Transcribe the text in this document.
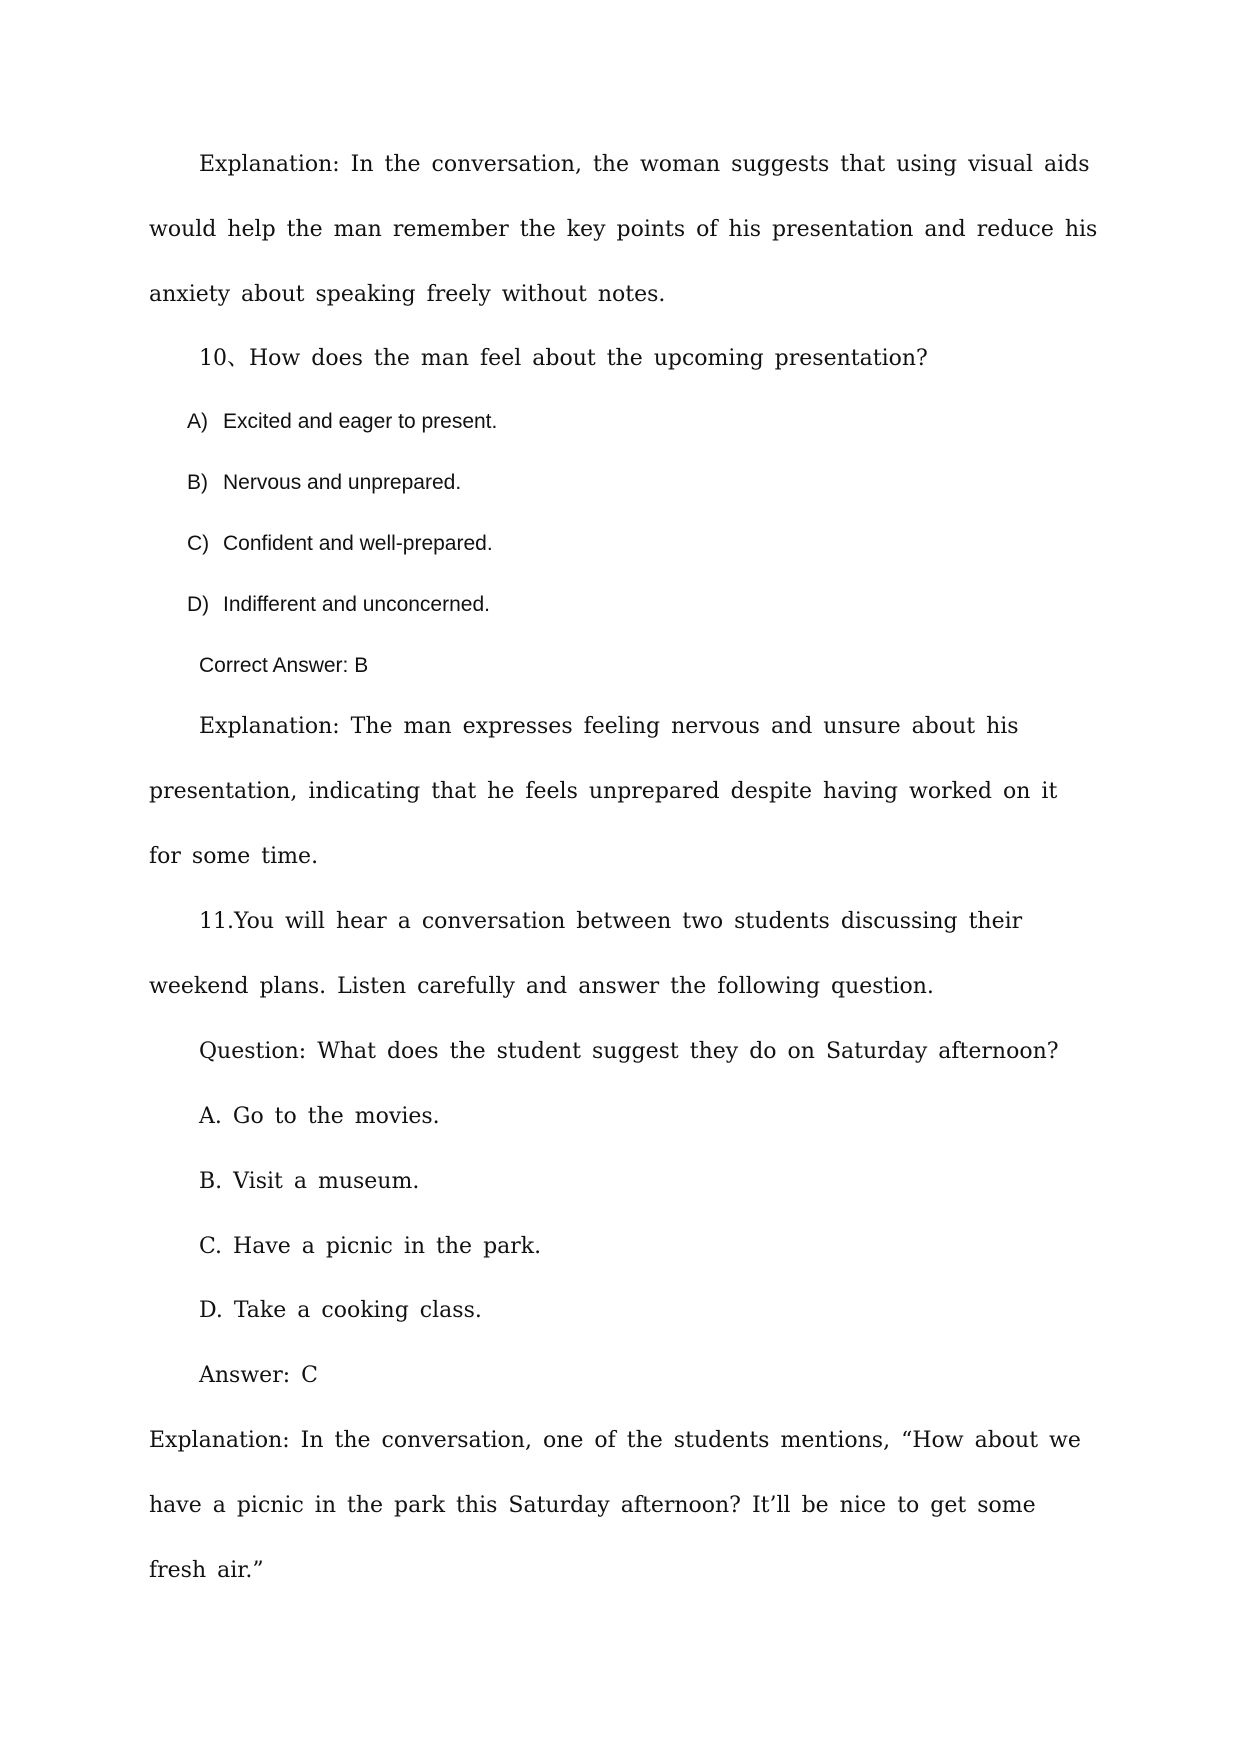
Explanation: In the conversation, the woman suggests that using visual aids
would help the man remember the key points of his presentation and reduce his
anxiety about speaking freely without notes.
10、How does the man feel about the upcoming presentation?
A) Excited and eager to present.
B) Nervous and unprepared.
C) Confident and well-prepared.
D) Indifferent and unconcerned.
Correct Answer: B
Explanation: The man expresses feeling nervous and unsure about his
presentation, indicating that he feels unprepared despite having worked on it
for some time.
11.You will hear a conversation between two students discussing their
weekend plans. Listen carefully and answer the following question.
Question: What does the student suggest they do on Saturday afternoon?
A. Go to the movies.
B. Visit a museum.
C. Have a picnic in the park.
D. Take a cooking class.
Answer: C
Explanation: In the conversation, one of the students mentions, “How about we
have a picnic in the park this Saturday afternoon? It’ll be nice to get some
fresh air.”
